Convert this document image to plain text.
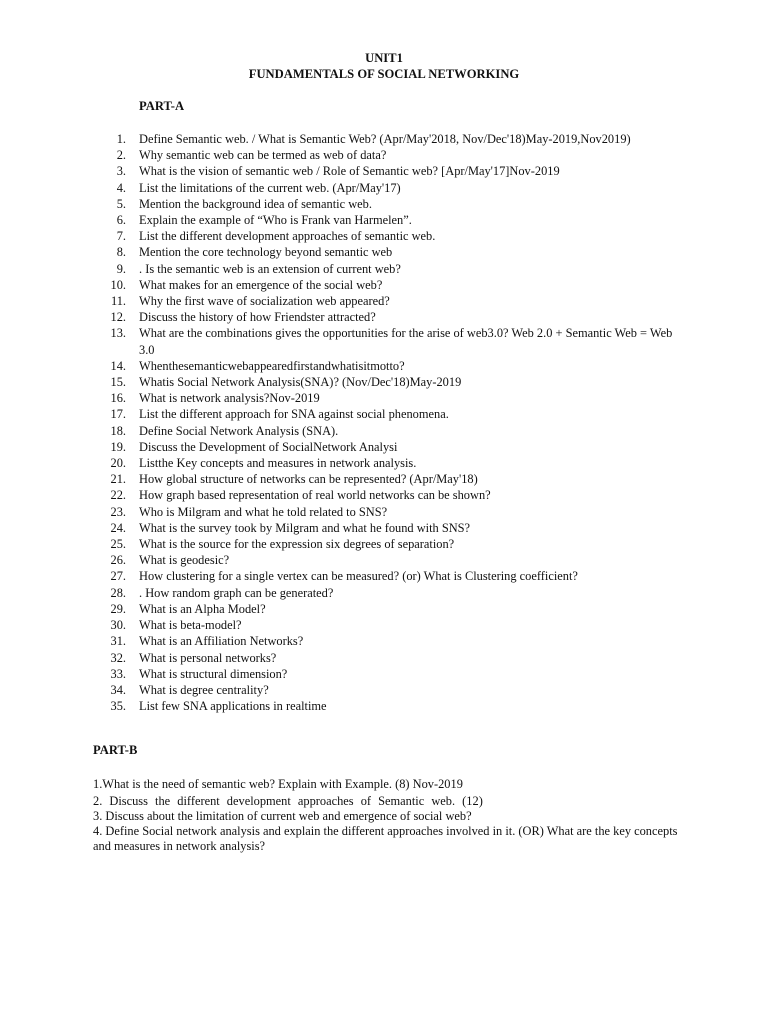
UNIT1
FUNDAMENTALS OF SOCIAL NETWORKING
PART-A
1. Define Semantic web. / What is Semantic Web? (Apr/May'2018, Nov/Dec'18)May-2019,Nov2019)
2. Why semantic web can be termed as web of data?
3. What is the vision of semantic web / Role of Semantic web? [Apr/May'17]Nov-2019
4. List the limitations of the current web. (Apr/May'17)
5. Mention the background idea of semantic web.
6. Explain the example of “Who is Frank van Harmelen”.
7. List the different development approaches of semantic web.
8. Mention the core technology beyond semantic web
9. . Is the semantic web is an extension of current web?
10. What makes for an emergence of the social web?
11. Why the first wave of socialization web appeared?
12. Discuss the history of how Friendster attracted?
13. What are the combinations gives the opportunities for the arise of web3.0? Web 2.0 + Semantic Web = Web 3.0
14. Whenthesemanticwebappearedfirstandwhatisitmotto?
15. Whatis Social Network Analysis(SNA)? (Nov/Dec'18)May-2019
16. What is network analysis?Nov-2019
17. List the different approach for SNA against social phenomena.
18. Define Social Network Analysis (SNA).
19. Discuss the Development of SocialNetwork Analysi
20. Listthe Key concepts and measures in network analysis.
21. How global structure of networks can be represented? (Apr/May'18)
22. How graph based representation of real world networks can be shown?
23. Who is Milgram and what he told related to SNS?
24. What is the survey took by Milgram and what he found with SNS?
25. What is the source for the expression six degrees of separation?
26. What is geodesic?
27. How clustering for a single vertex can be measured? (or) What is Clustering coefficient?
28. . How random graph can be generated?
29. What is an Alpha Model?
30. What is beta-model?
31. What is an Affiliation Networks?
32. What is personal networks?
33. What is structural dimension?
34. What is degree centrality?
35. List few SNA applications in realtime
PART-B

1.What is the need of semantic web? Explain with Example. (8) Nov-2019

2. Discuss the different development approaches of Semantic web. (12)

3. Discuss about the limitation of current web and emergence of social web?

4. Define Social network analysis and explain the different approaches involved in it. (OR) What are the key concepts and measures in network analysis?
